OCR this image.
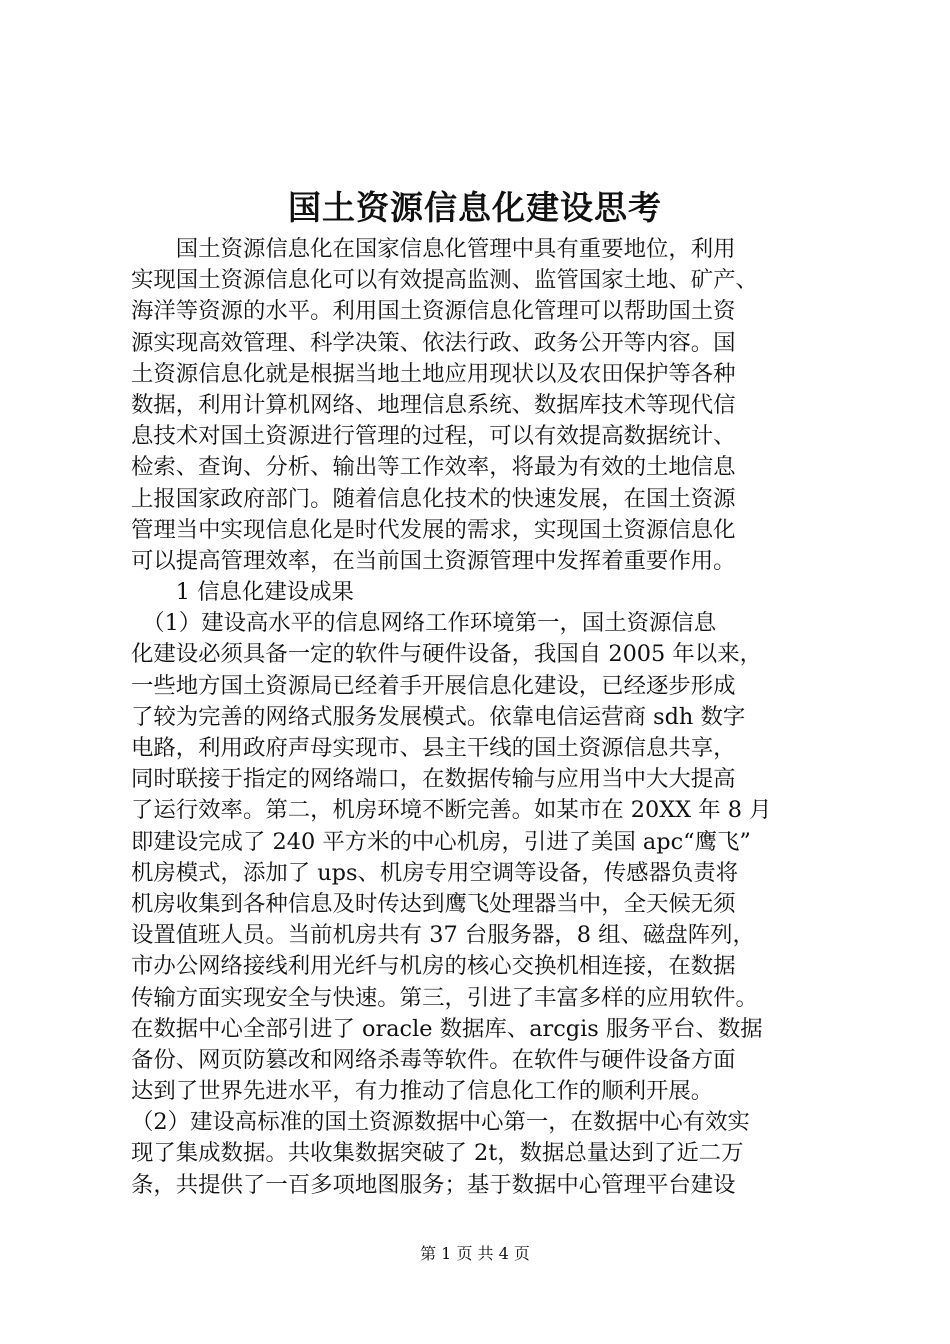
国土资源信息化建设思考
　　国土资源信息化在国家信息化管理中具有重要地位，利用
实现国土资源信息化可以有效提高监测、监管国家土地、矿产、
海洋等资源的水平。利用国土资源信息化管理可以帮助国土资
源实现高效管理、科学决策、依法行政、政务公开等内容。国
土资源信息化就是根据当地土地应用现状以及农田保护等各种
数据，利用计算机网络、地理信息系统、数据库技术等现代信
息技术对国土资源进行管理的过程，可以有效提高数据统计、
检索、查询、分析、输出等工作效率，将最为有效的土地信息
上报国家政府部门。随着信息化技术的快速发展，在国土资源
管理当中实现信息化是时代发展的需求，实现国土资源信息化
可以提高管理效率，在当前国土资源管理中发挥着重要作用。
　　1 信息化建设成果
　（1）建设高水平的信息网络工作环境第一，国土资源信息
化建设必须具备一定的软件与硬件设备，我国自 2005 年以来，
一些地方国土资源局已经着手开展信息化建设，已经逐步形成
了较为完善的网络式服务发展模式。依靠电信运营商 sdh 数字
电路，利用政府声母实现市、县主干线的国土资源信息共享，
同时联接于指定的网络端口，在数据传输与应用当中大大提高
了运行效率。第二，机房环境不断完善。如某市在 20XX 年 8 月
即建设完成了 240 平方米的中心机房，引进了美国 apc“鹰飞”
机房模式，添加了 ups、机房专用空调等设备，传感器负责将
机房收集到各种信息及时传达到鹰飞处理器当中，全天候无须
设置值班人员。当前机房共有 37 台服务器，8 组、磁盘阵列，
市办公网络接线利用光纤与机房的核心交换机相连接，在数据
传输方面实现安全与快速。第三，引进了丰富多样的应用软件。
在数据中心全部引进了 oracle 数据库、arcgis 服务平台、数据
备份、网页防篡改和网络杀毒等软件。在软件与硬件设备方面
达到了世界先进水平，有力推动了信息化工作的顺利开展。
（2）建设高标准的国土资源数据中心第一，在数据中心有效实
现了集成数据。共收集数据突破了 2t，数据总量达到了近二万
条，共提供了一百多项地图服务；基于数据中心管理平台建设
第 1 页 共 4 页
